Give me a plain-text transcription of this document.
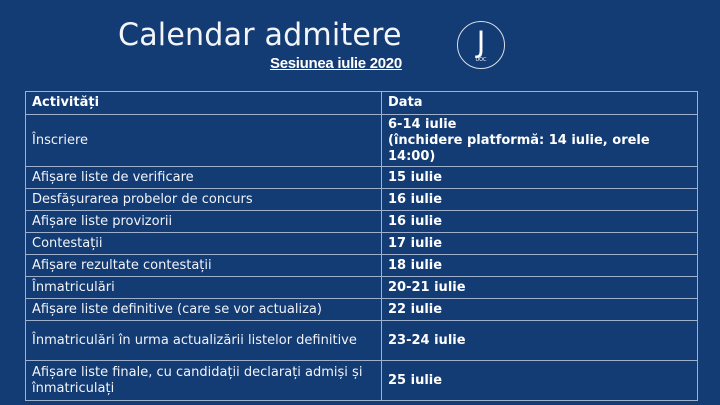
Calendar admitere
Sesiunea iulie 2020
J
UOC
Activități	Data
Înscriere	6-14 iulie
(închidere platformă: 14 iulie, orele 14:00)

Afișare liste de verificare	15 iulie
Desfășurarea probelor de concurs	16 iulie
Afișare liste provizorii	16 iulie
Contestații	17 iulie
Afișare rezultate contestații	18 iulie
Înmatriculări	20-21 iulie
Afișare liste definitive (care se vor actualiza)	22 iulie
Înmatriculări în urma actualizării listelor definitive	23-24 iulie
Afișare liste finale, cu candidații declarați admiși și înmatriculați	25 iulie
